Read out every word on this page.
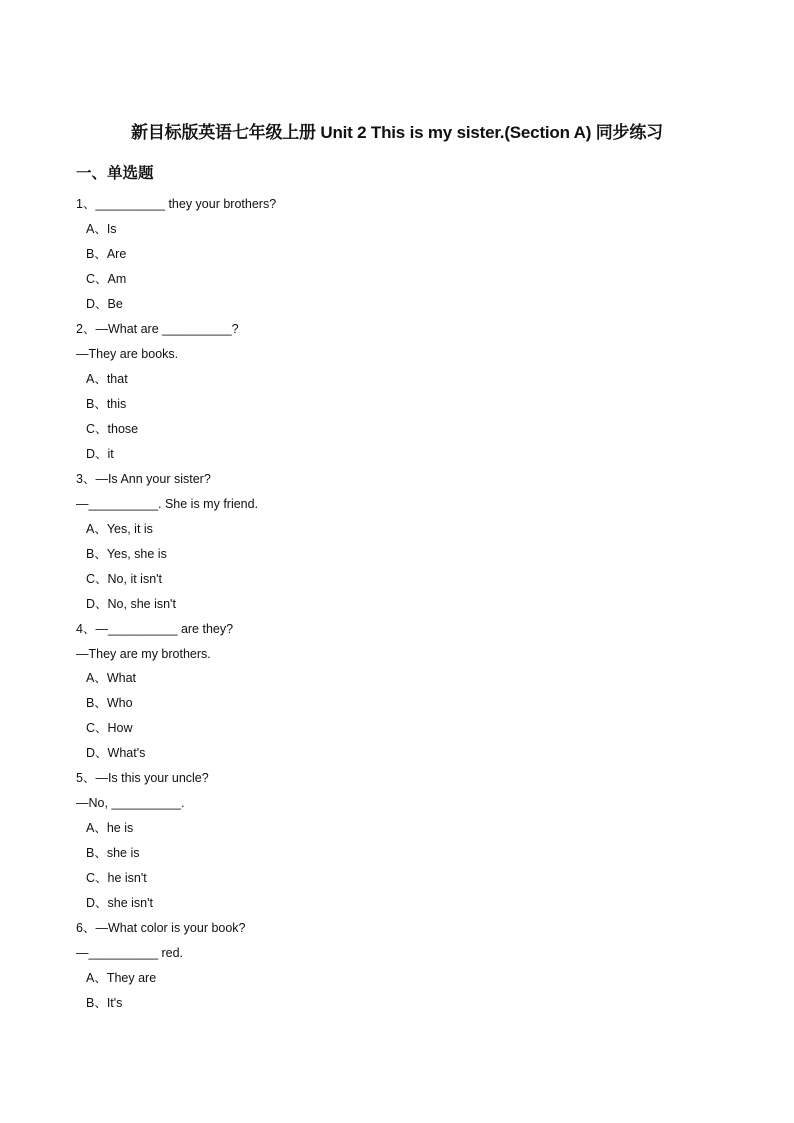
新目标版英语七年级上册 Unit 2 This is my sister.(Section A) 同步练习
一、单选题
1、__________ they your brothers?
A、Is
B、Are
C、Am
D、Be
2、—What are __________?
—They are books.
A、that
B、this
C、those
D、it
3、—Is Ann your sister?
—__________. She is my friend.
A、Yes, it is
B、Yes, she is
C、No, it isn't
D、No, she isn't
4、—__________ are they?
—They are my brothers.
A、What
B、Who
C、How
D、What's
5、—Is this your uncle?
—No, __________.
A、he is
B、she is
C、he isn't
D、she isn't
6、—What color is your book?
—__________ red.
A、They are
B、It's
